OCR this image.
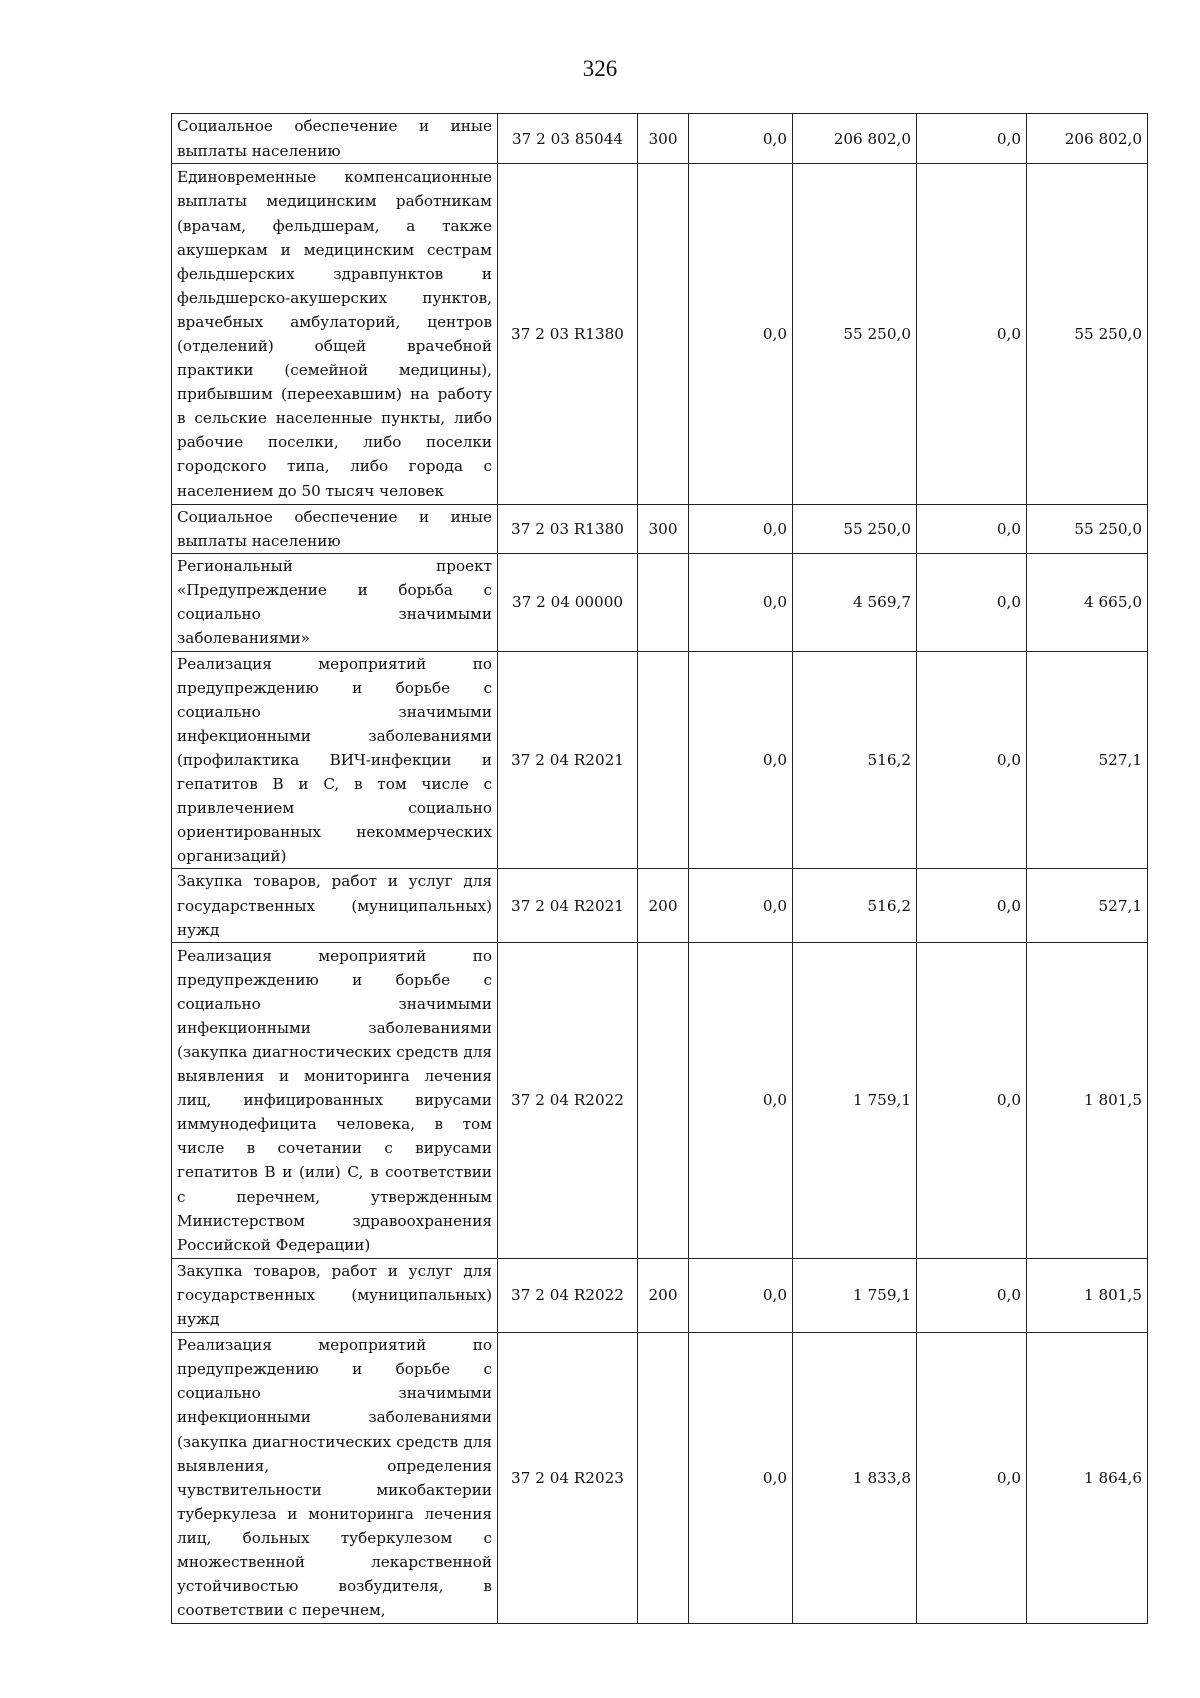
326
Социальное обеспечение и иные выплаты населению	37 2 03 85044	300	0,0	206 802,0	0,0	206 802,0
Единовременные компенсационные выплаты медицинским работникам (врачам, фельдшерам, а также акушеркам и медицинским сестрам фельдшерских здравпунктов и фельдшерско-акушерских пунктов, врачебных амбулаторий, центров (отделений) общей врачебной практики (семейной медицины), прибывшим (переехавшим) на работу в сельские населенные пункты, либо рабочие поселки, либо поселки городского типа, либо города с населением до 50 тысяч человек	37 2 03 R1380		0,0	55 250,0	0,0	55 250,0
Социальное обеспечение и иные выплаты населению	37 2 03 R1380	300	0,0	55 250,0	0,0	55 250,0
Региональный проект «Предупреждение и борьба с социально значимыми заболеваниями»	37 2 04 00000		0,0	4 569,7	0,0	4 665,0
Реализация мероприятий по предупреждению и борьбе с социально значимыми инфекционными заболеваниями (профилактика ВИЧ-инфекции и гепатитов B и C, в том числе с привлечением социально ориентированных некоммерческих организаций)	37 2 04 R2021		0,0	516,2	0,0	527,1
Закупка товаров, работ и услуг для государственных (муниципальных) нужд	37 2 04 R2021	200	0,0	516,2	0,0	527,1
Реализация мероприятий по предупреждению и борьбе с социально значимыми инфекционными заболеваниями (закупка диагностических средств для выявления и мониторинга лечения лиц, инфицированных вирусами иммунодефицита человека, в том числе в сочетании с вирусами гепатитов B и (или) C, в соответствии с перечнем, утвержденным Министерством здравоохранения Российской Федерации)	37 2 04 R2022		0,0	1 759,1	0,0	1 801,5
Закупка товаров, работ и услуг для государственных (муниципальных) нужд	37 2 04 R2022	200	0,0	1 759,1	0,0	1 801,5
Реализация мероприятий по предупреждению и борьбе с социально значимыми инфекционными заболеваниями (закупка диагностических средств для выявления, определения чувствительности микобактерии туберкулеза и мониторинга лечения лиц, больных туберкулезом с множественной лекарственной устойчивостью возбудителя, в соответствии с перечнем,	37 2 04 R2023		0,0	1 833,8	0,0	1 864,6
